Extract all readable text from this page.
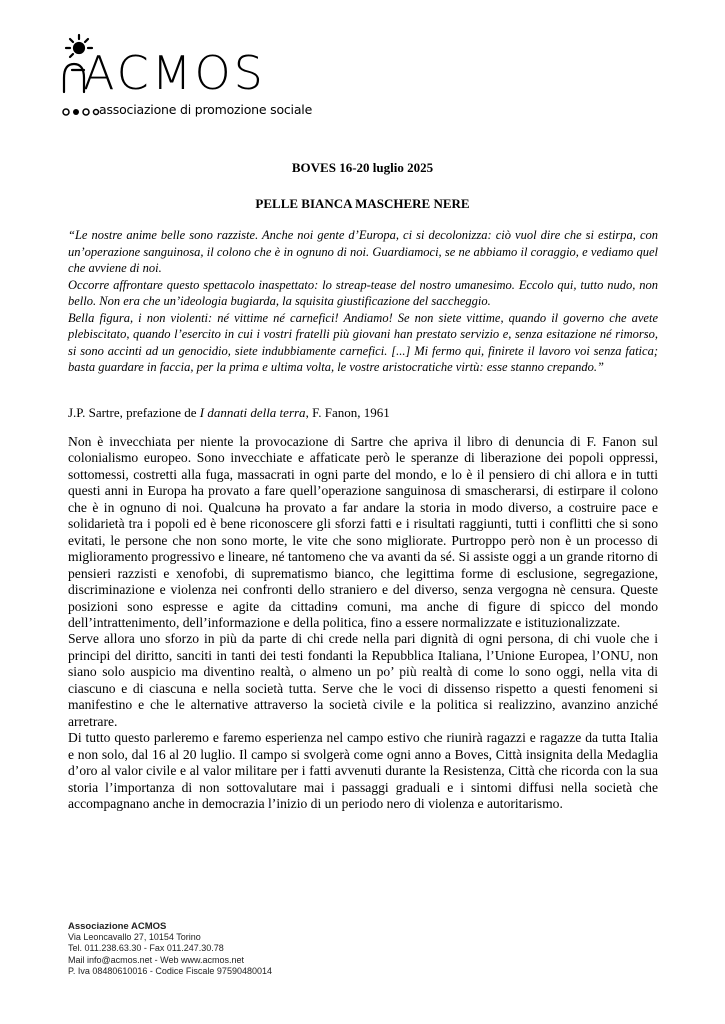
ACMOS
associazione di promozione sociale
BOVES 16-20 luglio 2025
PELLE BIANCA MASCHERE NERE

“Le nostre anime belle sono razziste. Anche noi gente d’Europa, ci si decolonizza: ciò vuol dire che si estirpa, con un’operazione sanguinosa, il colono che è in ognuno di noi. Guardiamoci, se ne abbiamo il coraggio, e vediamo quel che avviene di noi.

Occorre affrontare questo spettacolo inaspettato: lo streap-tease del nostro umanesimo. Eccolo qui, tutto nudo, non bello. Non era che un’ideologia bugiarda, la squisita giustificazione del saccheggio.

Bella figura, i non violenti: né vittime né carnefici! Andiamo! Se non siete vittime, quando il governo che avete plebiscitato, quando l’esercito in cui i vostri fratelli più giovani han prestato servizio e, senza esitazione né rimorso, si sono accinti ad un genocidio, siete indubbiamente carnefici. [...] Mi fermo qui, finirete il lavoro voi senza fatica; basta guardare in faccia, per la prima e ultima volta, le vostre aristocratiche virtù: esse stanno crepando.”

J.P. Sartre, prefazione de I dannati della terra, F. Fanon, 1961

Non è invecchiata per niente la provocazione di Sartre che apriva il libro di denuncia di F. Fanon sul colonialismo europeo. Sono invecchiate e affaticate però le speranze di liberazione dei popoli oppressi, sottomessi, costretti alla fuga, massacrati in ogni parte del mondo, e lo è il pensiero di chi allora e in tutti questi anni in Europa ha provato a fare quell’operazione sanguinosa di smascherarsi, di estirpare il colono che è in ognuno di noi. Qualcunə ha provato a far andare la storia in modo diverso, a costruire pace e solidarietà tra i popoli ed è bene riconoscere gli sforzi fatti e i risultati raggiunti, tutti i conflitti che si sono evitati, le persone che non sono morte, le vite che sono migliorate. Purtroppo però non è un processo di miglioramento progressivo e lineare, né tantomeno che va avanti da sé. Si assiste oggi a un grande ritorno di pensieri razzisti e xenofobi, di suprematismo bianco, che legittima forme di esclusione, segregazione, discriminazione e violenza nei confronti dello straniero e del diverso, senza vergogna nè censura. Queste posizioni sono espresse e agite da cittadinɘ comuni, ma anche di figure di spicco del mondo dell’intrattenimento, dell’informazione e della politica, fino a essere normalizzate e istituzionalizzate.

Serve allora uno sforzo in più da parte di chi crede nella pari dignità di ogni persona, di chi vuole che i principi del diritto, sanciti in tanti dei testi fondanti la Repubblica Italiana, l’Unione Europea, l’ONU, non siano solo auspicio ma diventino realtà, o almeno un po’ più realtà di come lo sono oggi, nella vita di ciascuno e di ciascuna e nella società tutta. Serve che le voci di dissenso rispetto a questi fenomeni si manifestino e che le alternative attraverso la società civile e la politica si realizzino, avanzino anziché arretrare.

Di tutto questo parleremo e faremo esperienza nel campo estivo che riunirà ragazzi e ragazze da tutta Italia e non solo, dal 16 al 20 luglio. Il campo si svolgerà come ogni anno a Boves, Città insignita della Medaglia d’oro al valor civile e al valor militare per i fatti avvenuti durante la Resistenza, Città che ricorda con la sua storia l’importanza di non sottovalutare mai i passaggi graduali e i sintomi diffusi nella società che accompagnano anche in democrazia l’inizio di un periodo nero di violenza e autoritarismo.

Associazione ACMOS
Via Leoncavallo 27, 10154 Torino
Tel. 011.238.63.30 - Fax 011.247.30.78
Mail info@acmos.net - Web www.acmos.net
P. Iva 08480610016 - Codice Fiscale 97590480014
